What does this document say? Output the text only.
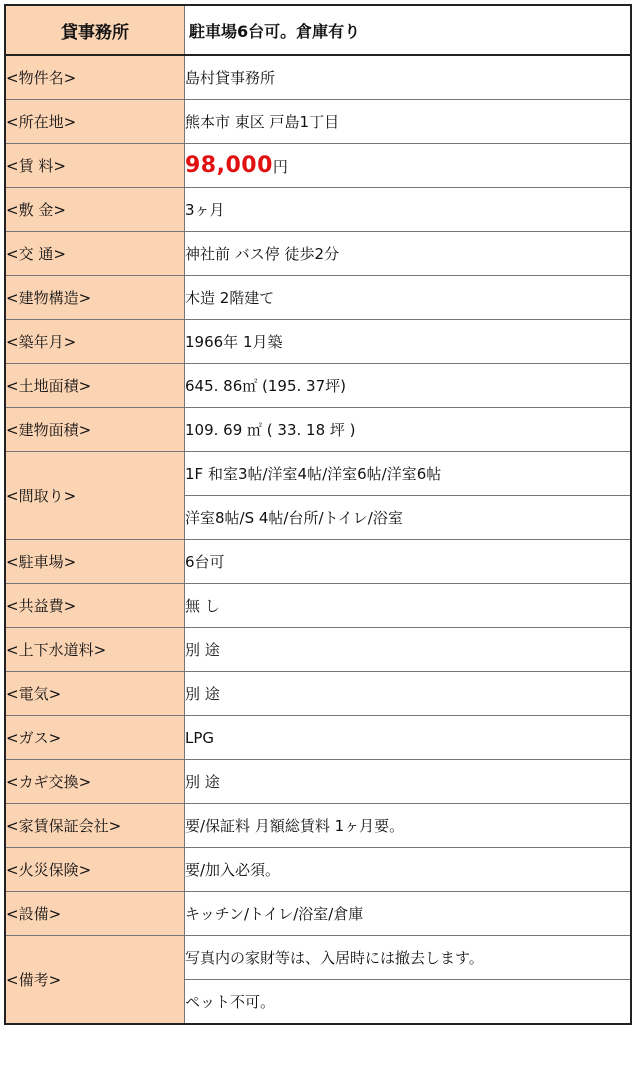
貸事務所	駐車場6台可。倉庫有り
<物件名>	島村貸事務所
<所在地>	熊本市 東区 戸島1丁目
<賃 料>	98,000円
<敷 金>	3ヶ月
<交 通>	神社前 バス停 徒歩2分
<建物構造>	木造 2階建て
<築年月>	1966年 1月築
<土地面積>	645. 86㎡ (195. 37坪)
<建物面積>	109. 69 ㎡ ( 33. 18 坪 )
<間取り>	1F 和室3帖/洋室4帖/洋室6帖/洋室6帖
	洋室8帖/S 4帖/台所/トイレ/浴室
<駐車場>	6台可
<共益費>	無 し
<上下水道料>	別 途
<電気>	別 途
<ガス>	LPG
<カギ交換>	別 途
<家賃保証会社>	要/保証料 月額総賃料 1ヶ月要。
<火災保険>	要/加入必須。
<設備>	キッチン/トイレ/浴室/倉庫
<備考>	写真内の家財等は、入居時には撤去します。
	ペット不可。
